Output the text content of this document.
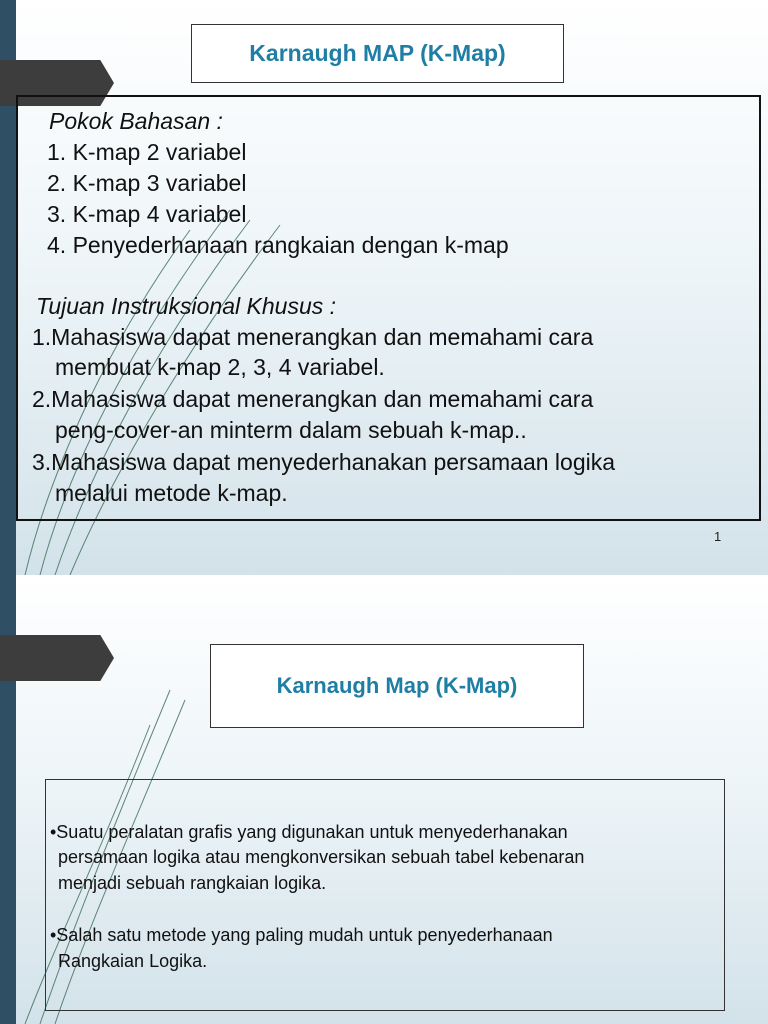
Karnaugh MAP (K-Map)
Pokok Bahasan :
1. K-map 2 variabel
2. K-map 3 variabel
3. K-map 4 variabel
4. Penyederhanaan rangkaian dengan k-map
Tujuan Instruksional Khusus :
1.Mahasiswa dapat menerangkan dan memahami cara
membuat k-map 2, 3, 4 variabel.
2.Mahasiswa dapat menerangkan dan memahami cara
peng-cover-an minterm dalam sebuah k-map..
3.Mahasiswa dapat menyederhanakan persamaan logika
melalui metode k-map.
1
Karnaugh Map (K-Map)
•Suatu peralatan grafis yang digunakan untuk menyederhanakan
persamaan logika atau mengkonversikan sebuah tabel kebenaran
menjadi sebuah rangkaian logika.
•Salah satu metode yang paling mudah untuk penyederhanaan
Rangkaian Logika.
